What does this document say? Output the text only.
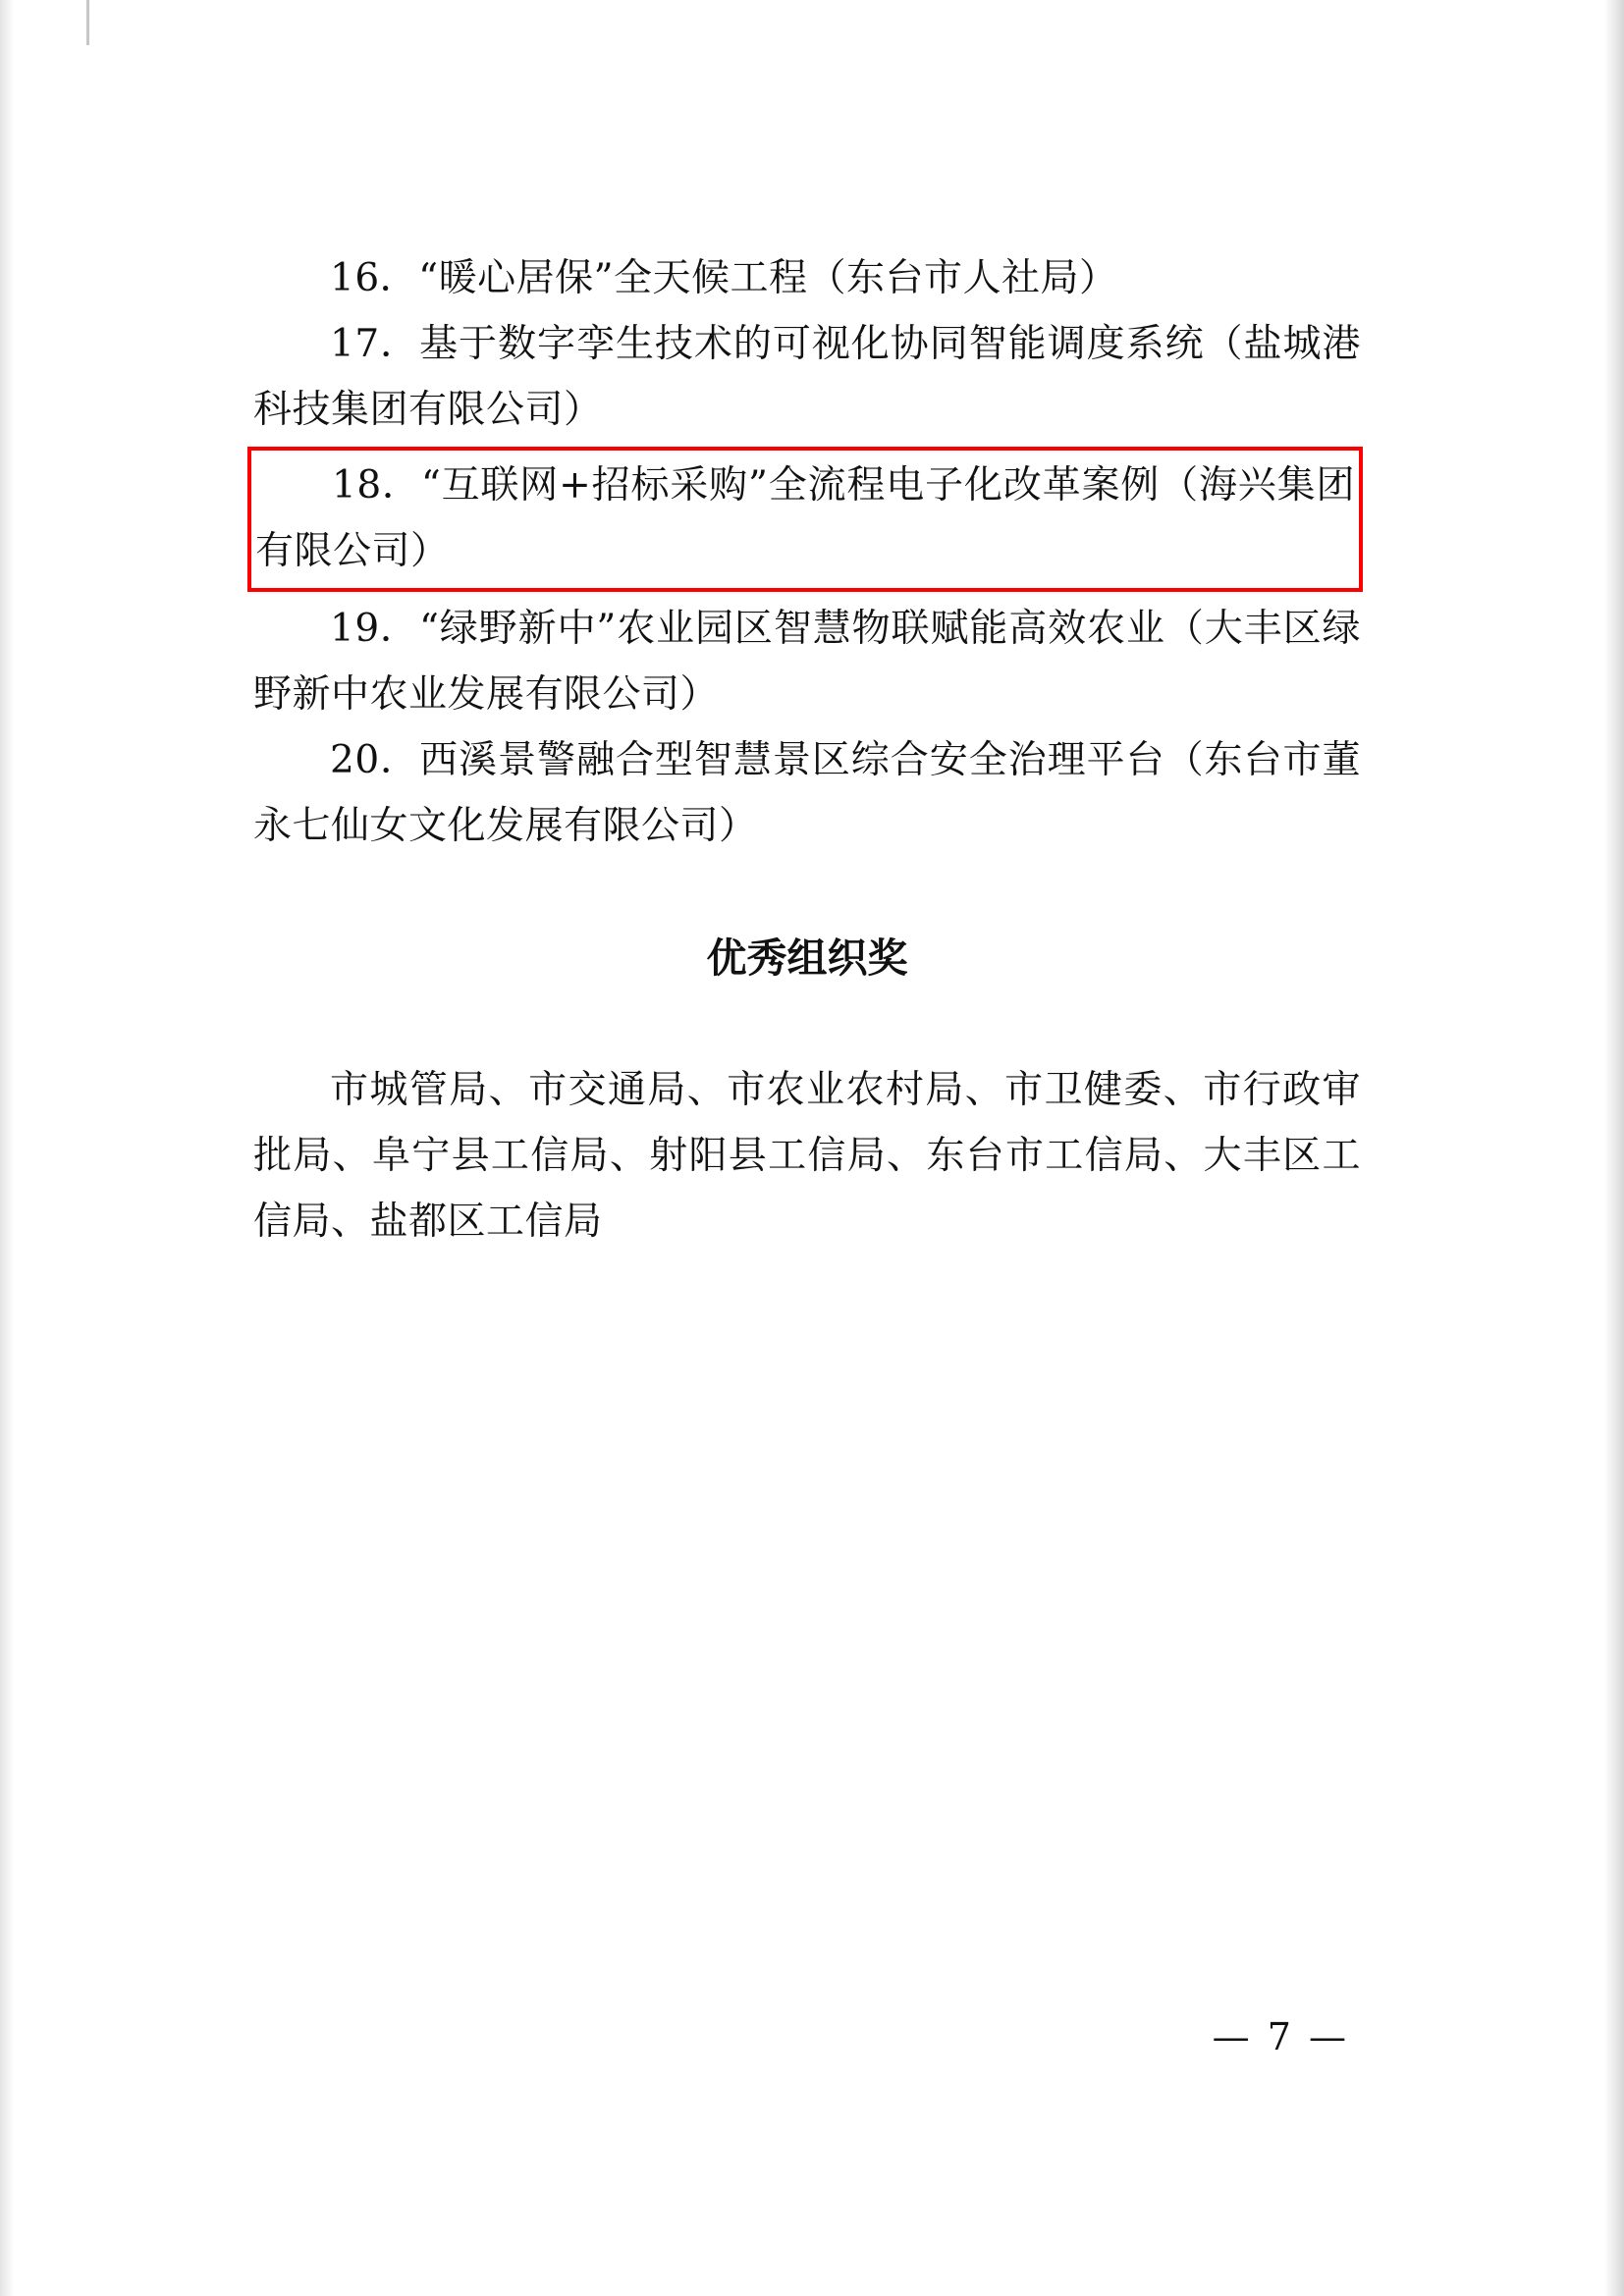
16．“暖心居保”全天候工程（东台市人社局）
17．基于数字孪生技术的可视化协同智能调度系统（盐城港科技集团有限公司）
18．“互联网+招标采购”全流程电子化改革案例（海兴集团有限公司）
19．“绿野新中”农业园区智慧物联赋能高效农业（大丰区绿野新中农业发展有限公司）
20．西溪景警融合型智慧景区综合安全治理平台（东台市董永七仙女文化发展有限公司）
优秀组织奖
市城管局、市交通局、市农业农村局、市卫健委、市行政审批局、阜宁县工信局、射阳县工信局、东台市工信局、大丰区工信局、盐都区工信局
— 7 —
